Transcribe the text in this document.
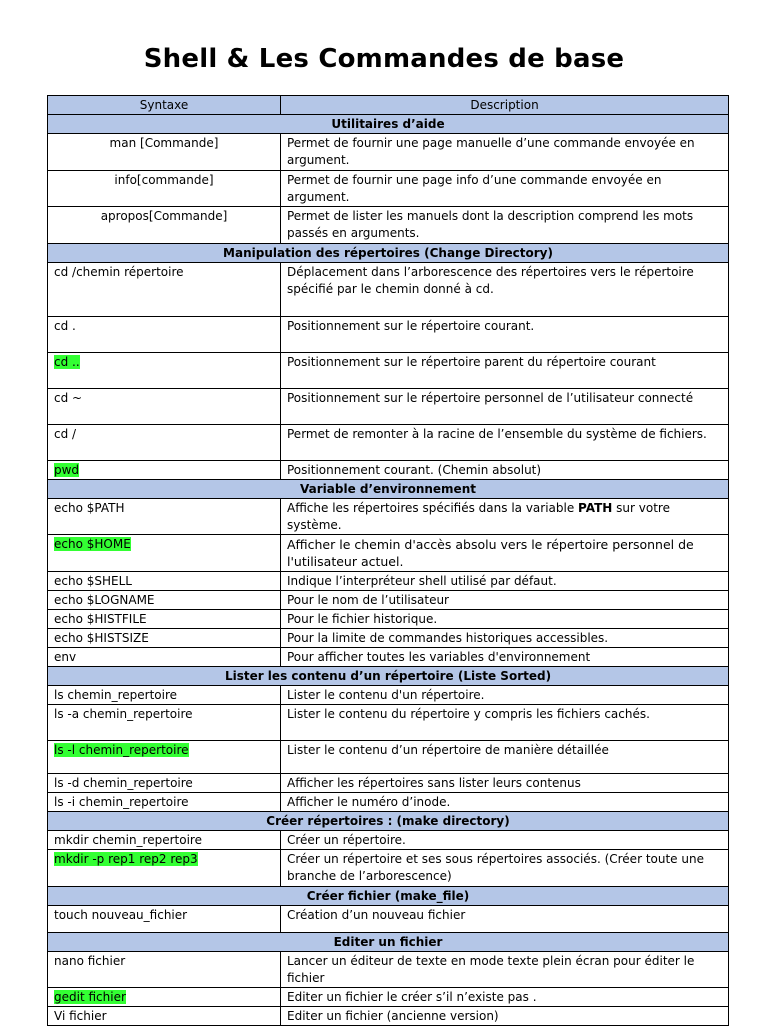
Shell & Les Commandes de base
Syntaxe	Description
Utilitaires d’aide	
man [Commande]	Permet de fournir une page manuelle d’une commande envoyée en argument.
info[commande]	Permet de fournir une page info d’une commande envoyée en argument.
apropos[Commande]	Permet de lister les manuels dont la description comprend les mots passés en arguments.
Manipulation des répertoires (Change Directory)	
cd /chemin répertoire	Déplacement dans l’arborescence des répertoires vers le répertoire spécifié par le chemin donné à cd.
cd .	Positionnement sur le répertoire courant.
cd ..	Positionnement sur le répertoire parent du répertoire courant
cd ~	Positionnement sur le répertoire personnel de l’utilisateur connecté
cd /	Permet de remonter à la racine de l’ensemble du système de fichiers.
pwd	Positionnement courant. (Chemin absolut)
Variable d’environnement	
echo $PATH	Affiche les répertoires spécifiés dans la variable PATH sur votre système.
echo $HOME	Afficher le chemin d'accès absolu vers le répertoire personnel de l'utilisateur actuel.
echo $SHELL	Indique l’interpréteur shell utilisé par défaut.
echo $LOGNAME	Pour le nom de l’utilisateur
echo $HISTFILE	Pour le fichier historique.
echo $HISTSIZE	Pour la limite de commandes historiques accessibles.
env	Pour afficher toutes les variables d'environnement
Lister les contenu d’un répertoire (Liste Sorted)	
ls chemin_repertoire	Lister le contenu d'un répertoire.
ls -a chemin_repertoire	Lister le contenu du répertoire y compris les fichiers cachés.
ls -l chemin_repertoire	Lister le contenu d’un répertoire de manière détaillée
ls -d chemin_repertoire	Afficher les répertoires sans lister leurs contenus
ls -i chemin_repertoire	Afficher le numéro d’inode.
Créer répertoires : (make directory)	
mkdir chemin_repertoire	Créer un répertoire.
mkdir -p rep1 rep2 rep3	Créer un répertoire et ses sous répertoires associés. (Créer toute une branche de l’arborescence)
Créer fichier (make_file)	
touch nouveau_fichier	Création d’un nouveau fichier
Editer un fichier	
nano fichier	Lancer un éditeur de texte en mode texte plein écran pour éditer le fichier
gedit fichier	Editer un fichier le créer s’il n’existe pas .
Vi fichier	Editer un fichier (ancienne version)
